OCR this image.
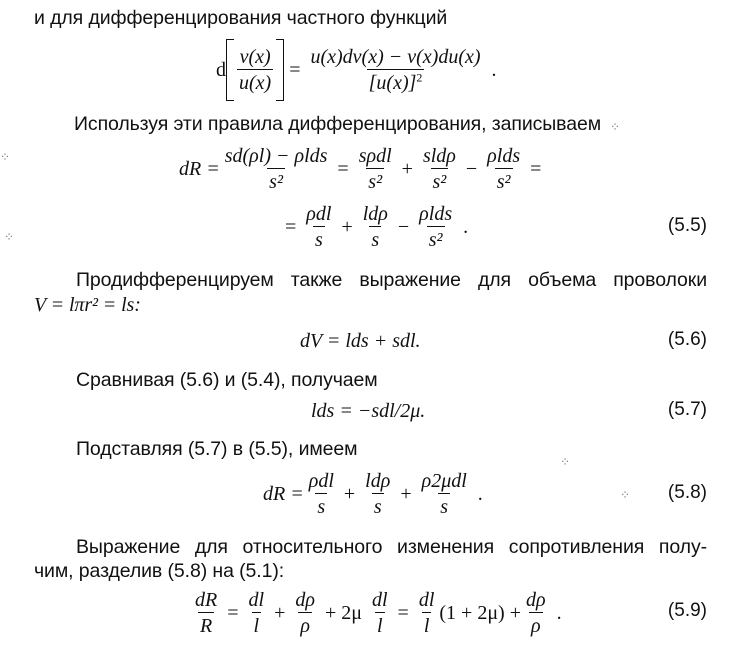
и для дифференцирования частного функций
d $\frac{v(x)}{u(x)} = \frac{u(x)dv(x) - v(x)du(x)}{[u(x)]^2}$ .
Используя эти правила дифференцирования, записываем
dR = $\frac{\text{sd(ρl) − ρlds}}{\text{s²}} = \frac{\text{sρdl}}{\text{s²}} + \frac{\text{sldρ}}{\text{s²}} - \frac{\text{ρlds}}{\text{s²}}$ =
= $\frac{\text{ρdl}}{s} + \frac{\text{ldρ}}{s} - \frac{\text{ρlds}}{\text{s²}}$ .	(5.5)
Продифференцируем также выражение для объема проволоки
V = lπr² = ls:
dV = lds + sdl.	(5.6)
Сравнивая (5.6) и (5.4), получаем
lds = −sdl/2μ.	(5.7)
Подставляя (5.7) в (5.5), имеем
dR = $\frac{\text{ρdl}}{s} + \frac{\text{ldρ}}{s} + \frac{\text{ρ2μdl}}{s}$ .	(5.8)
Выражение для относительного изменения сопротивления полу-
чим, разделив (5.8) на (5.1):
$\frac{dR}{R} = \frac{dl}{l} + \frac{d\rho}{\rho} + 2\mu \frac{dl}{l} = \frac{dl}{l} (1 + 2\mu) + \frac{d\rho}{\rho}$ .	(5.9)
⁘
⁘
⁘
⁘
⁘
